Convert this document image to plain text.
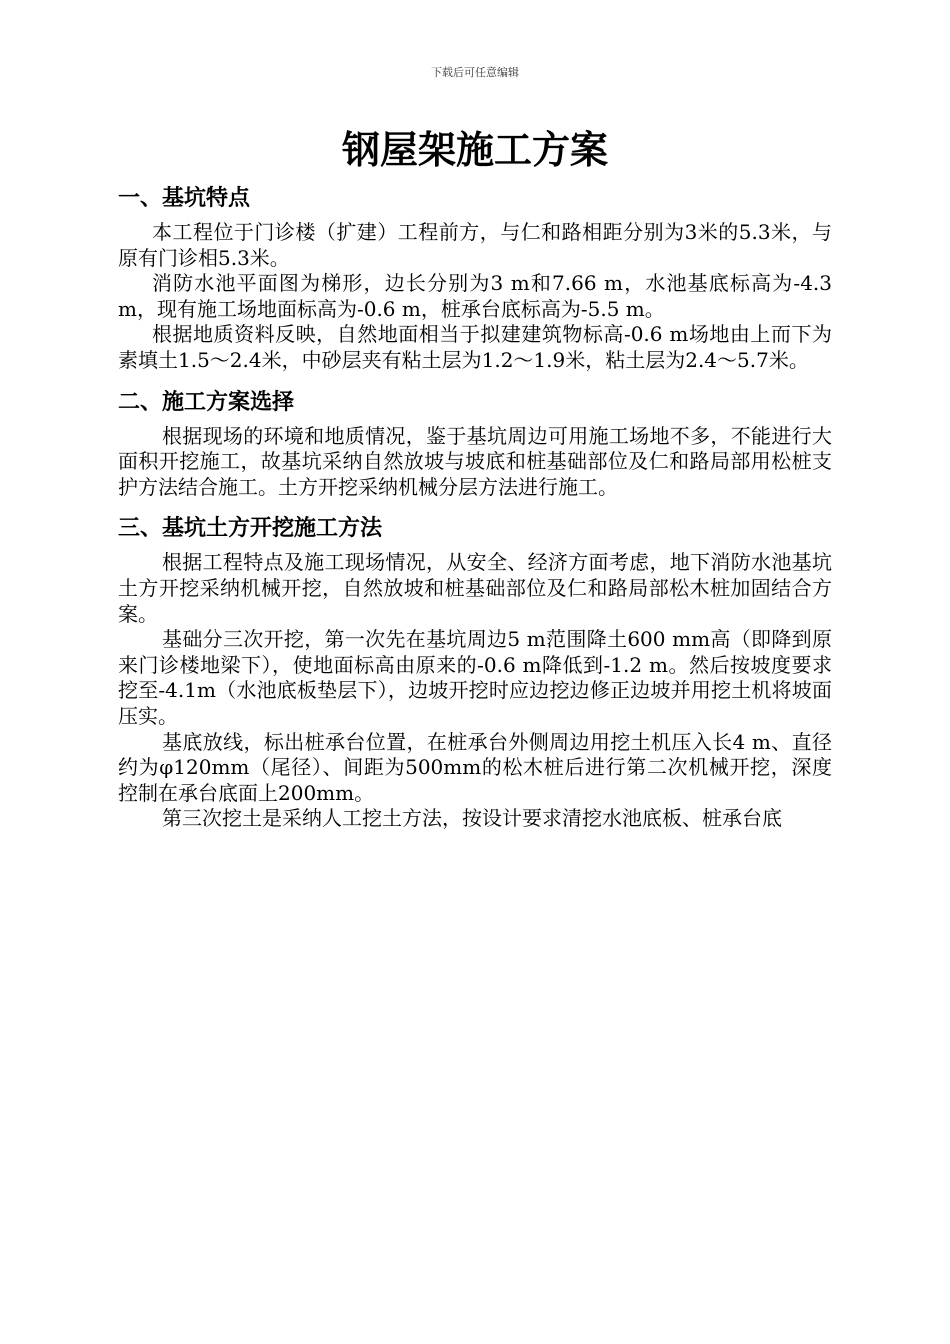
下载后可任意编辑
钢屋架施工方案
一、基坑特点

本工程位于门诊楼（扩建）工程前方，与仁和路相距分别为3米的5.3米，与原有门诊相5.3米。

消防水池平面图为梯形，边长分别为3 m和7.66 m，水池基底标高为-4.3 m，现有施工场地面标高为-0.6 m，桩承台底标高为-5.5 m。

根据地质资料反映，自然地面相当于拟建建筑物标高-0.6 m场地由上而下为素填土1.5～2.4米，中砂层夹有粘土层为1.2～1.9米，粘土层为2.4～5.7米。

二、施工方案选择

根据现场的环境和地质情况，鉴于基坑周边可用施工场地不多，不能进行大面积开挖施工，故基坑采纳自然放坡与坡底和桩基础部位及仁和路局部用松桩支护方法结合施工。土方开挖采纳机械分层方法进行施工。

三、基坑土方开挖施工方法

根据工程特点及施工现场情况，从安全、经济方面考虑，地下消防水池基坑土方开挖采纳机械开挖，自然放坡和桩基础部位及仁和路局部松木桩加固结合方案。

基础分三次开挖，第一次先在基坑周边5 m范围降土600 mm高（即降到原来门诊楼地梁下），使地面标高由原来的-0.6 m降低到-1.2 m。然后按坡度要求挖至-4.1m（水池底板垫层下），边坡开挖时应边挖边修正边坡并用挖土机将坡面压实。

基底放线，标出桩承台位置，在桩承台外侧周边用挖土机压入长4 m、直径约为φ120mm（尾径）、间距为500mm的松木桩后进行第二次机械开挖，深度控制在承台底面上200mm。

第三次挖土是采纳人工挖土方法，按设计要求清挖水池底板、桩承台底
